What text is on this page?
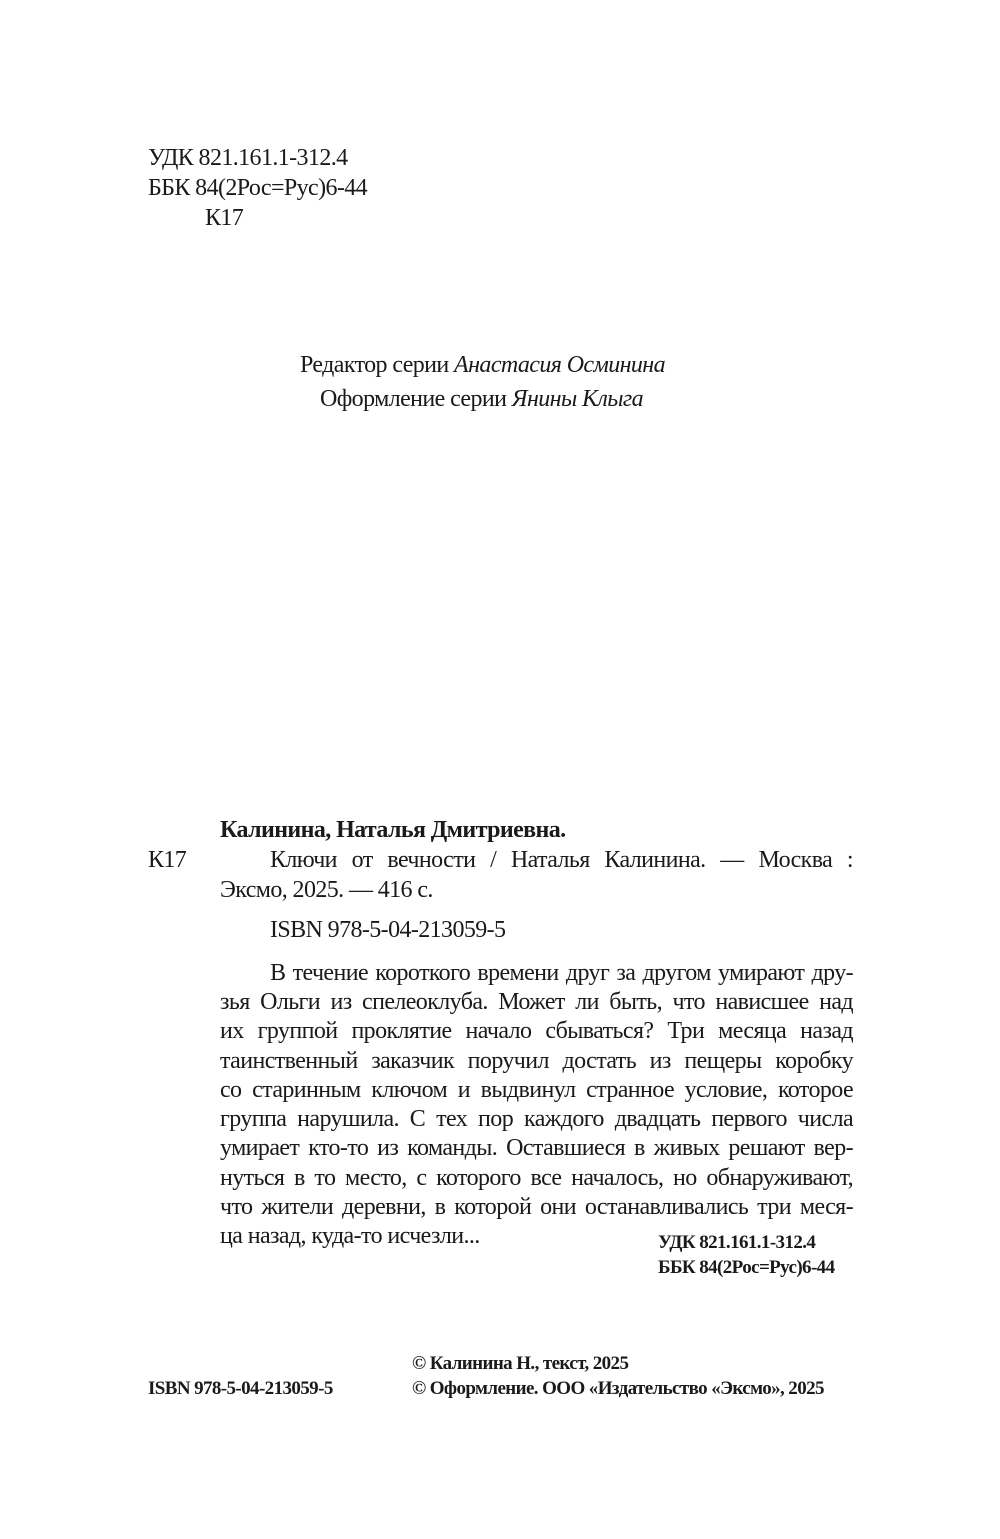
УДК 821.161.1-312.4
ББК 84(2Рос=Рус)6-44
К17
Редактор серии Анастасия Осминина
Оформление серии Янины Клыга
Калинина, Наталья Дмитриевна.
К17	Ключи от вечности / Наталья Калинина. — Москва :
Эксмо, 2025. — 416 с.
ISBN 978-5-04-213059-5
В течение короткого времени друг за другом умирают дру-
зья Ольги из спелеоклуба. Может ли быть, что нависшее над
их группой проклятие начало сбываться? Три месяца назад
таинственный заказчик поручил достать из пещеры коробку
со старинным ключом и выдвинул странное условие, которое
группа нарушила. С тех пор каждого двадцать первого числа
умирает кто-то из команды. Оставшиеся в живых решают вер-
нуться в то место, с которого все началось, но обнаруживают,
что жители деревни, в которой они останавливались три меся-
ца назад, куда-то исчезли...	УДК 821.161.1-312.4
ББК 84(2Рос=Рус)6-44
© Калинина Н., текст, 2025
ISBN 978-5-04-213059-5	© Оформление. ООО «Издательство «Эксмо», 2025
